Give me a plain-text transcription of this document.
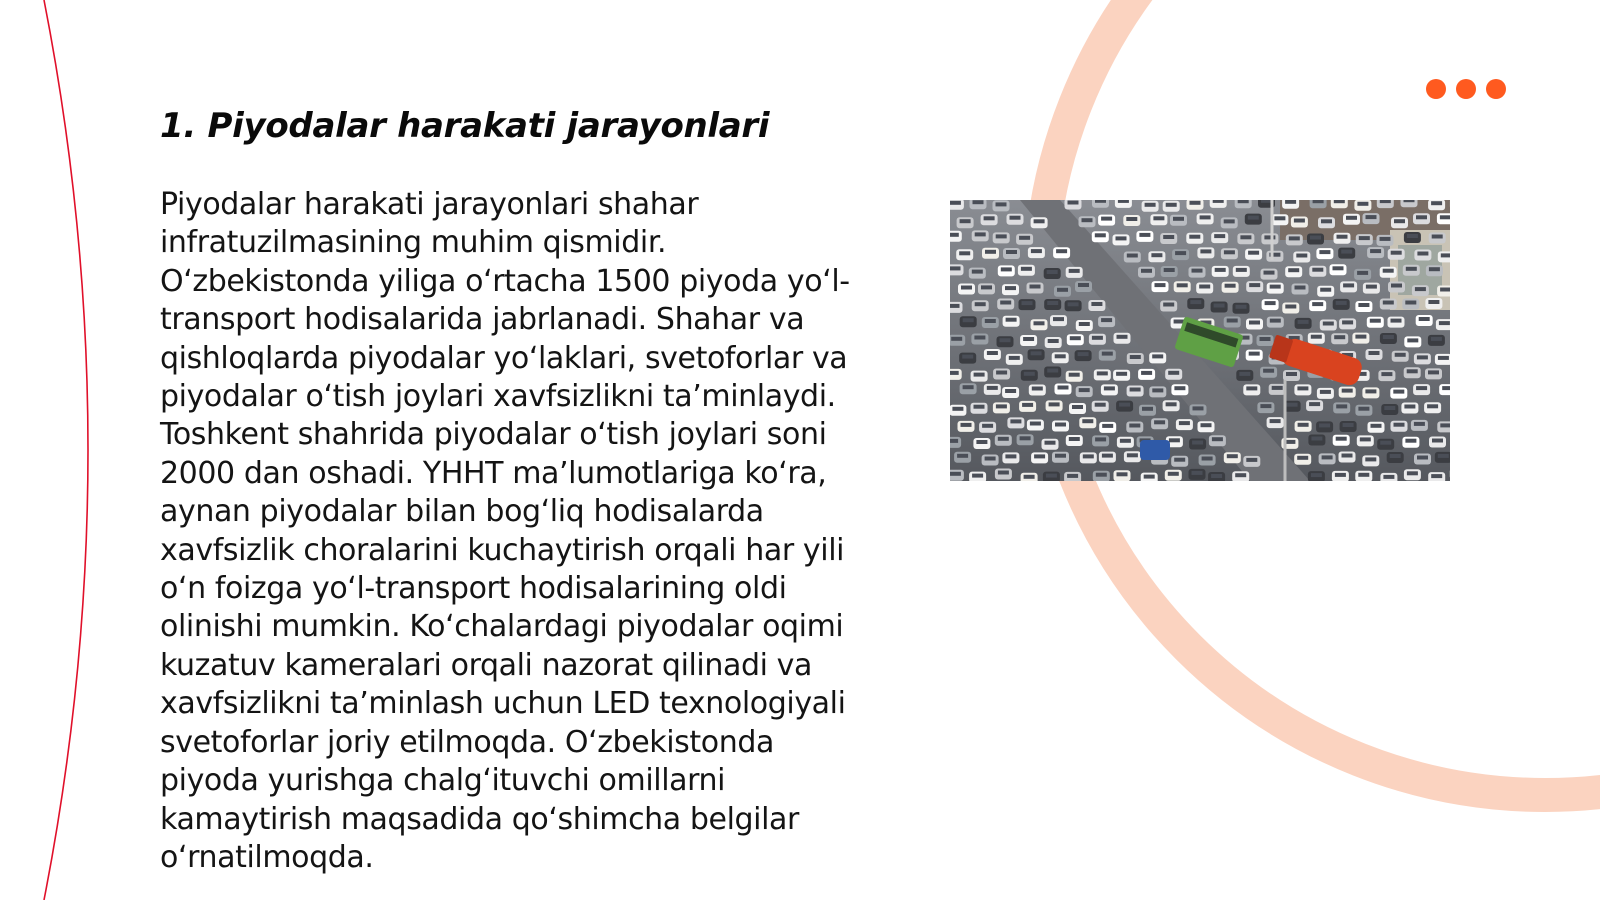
1. Piyodalar harakati jarayonlari

Piyodalar harakati jarayonlari shahar infratuzilmasining muhim qismidir. O‘zbekistonda yiliga o‘rtacha 1500 piyoda yo‘l-transport hodisalarida jabrlanadi. Shahar va qishloqlarda piyodalar yo‘laklari, svetoforlar va piyodalar o‘tish joylari xavfsizlikni ta’minlaydi. Toshkent shahrida piyodalar o‘tish joylari soni 2000 dan oshadi. YHHT ma’lumotlariga ko‘ra, aynan piyodalar bilan bog‘liq hodisalarda xavfsizlik choralarini kuchaytirish orqali har yili o‘n foizga yo‘l-transport hodisalarining oldi olinishi mumkin. Ko‘chalardagi piyodalar oqimi kuzatuv kameralari orqali nazorat qilinadi va xavfsizlikni ta’minlash uchun LED texnologiyali svetoforlar joriy etilmoqda. O‘zbekistonda piyoda yurishga chalg‘ituvchi omillarni kamaytirish maqsadida qo‘shimcha belgilar o‘rnatilmoqda.
